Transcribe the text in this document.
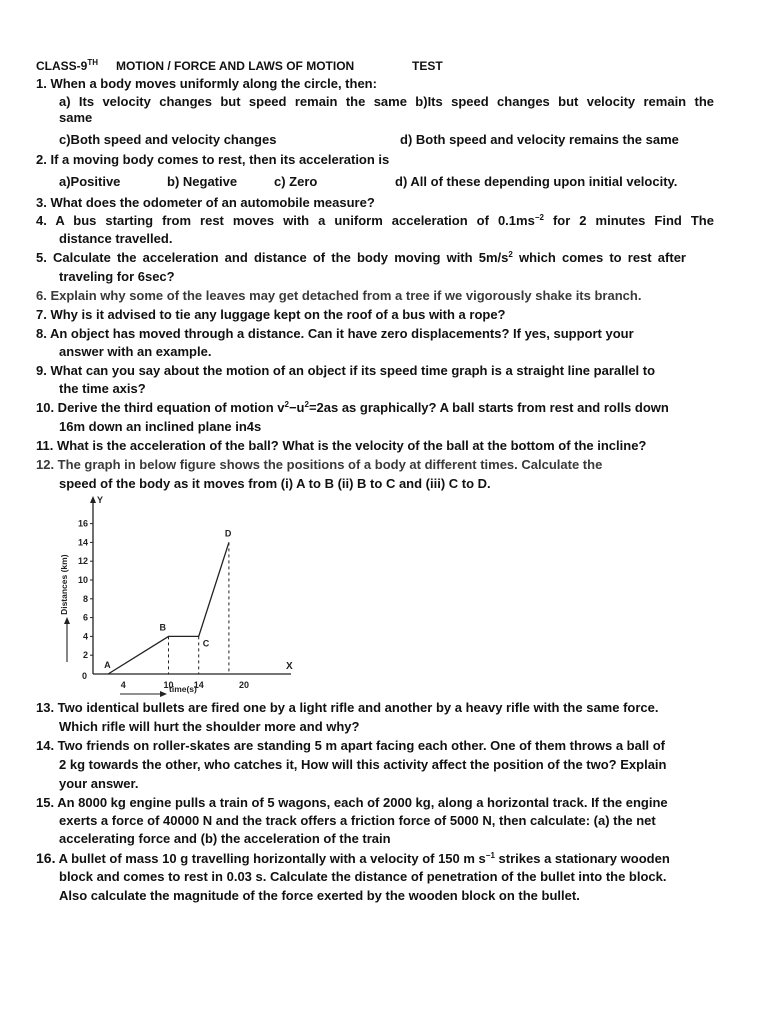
CLASS-9TH MOTION / FORCE AND LAWS OF MOTION	TEST
1. When a body moves uniformly along the circle, then:
a) Its velocity changes but speed remain the same b)Its speed changes but velocity remain the
same
c)Both speed and velocity changes	d) Both speed and velocity remains the same
2. If a moving body comes to rest, then its acceleration is
a)Positive	b) Negative	c) Zero	d) All of these depending upon initial velocity.
3. What does the odometer of an automobile measure?
4. A bus starting from rest moves with a uniform acceleration of $0.1ms^{-2}$ for 2 minutes Find The
distance travelled.
5. Calculate the acceleration and distance of the body moving with $5m/s^2$ which comes to rest after
traveling for 6sec?
6. Explain why some of the leaves may get detached from a tree if we vigorously shake its branch.
7. Why is it advised to tie any luggage kept on the roof of a bus with a rope?
8. An object has moved through a distance. Can it have zero displacements? If yes, support your
answer with an example.
9. What can you say about the motion of an object if its speed time graph is a straight line parallel to
the time axis?
10. Derive the third equation of motion $v^2-u^2=2as$ as graphically? A ball starts from rest and rolls down
16m down an inclined plane in4s
11. What is the acceleration of the ball? What is the velocity of the ball at the bottom of the incline?
12. The graph in below figure shows the positions of a body at different times. Calculate the
speed of the body as it moves from (i) A to B (ii) B to C and (iii) C to D.
Y
X
0
2
4
6
8
10
12
14
16
4	10 14	20
Distances (km)
time(s)
A
B
C
D
13. Two identical bullets are fired one by a light rifle and another by a heavy rifle with the same force.
Which rifle will hurt the shoulder more and why?
14. Two friends on roller-skates are standing 5 m apart facing each other. One of them throws a ball of
2 kg towards the other, who catches it, How will this activity affect the position of the two? Explain
your answer.
15. An 8000 kg engine pulls a train of 5 wagons, each of 2000 kg, along a horizontal track. If the engine
exerts a force of 40000 N and the track offers a friction force of 5000 N, then calculate: (a) the net
accelerating force and (b) the acceleration of the train
16. A bullet of mass 10 g travelling horizontally with a velocity of 150 m $s^{-1}$ strikes a stationary wooden
block and comes to rest in 0.03 s. Calculate the distance of penetration of the bullet into the block.
Also calculate the magnitude of the force exerted by the wooden block on the bullet.
